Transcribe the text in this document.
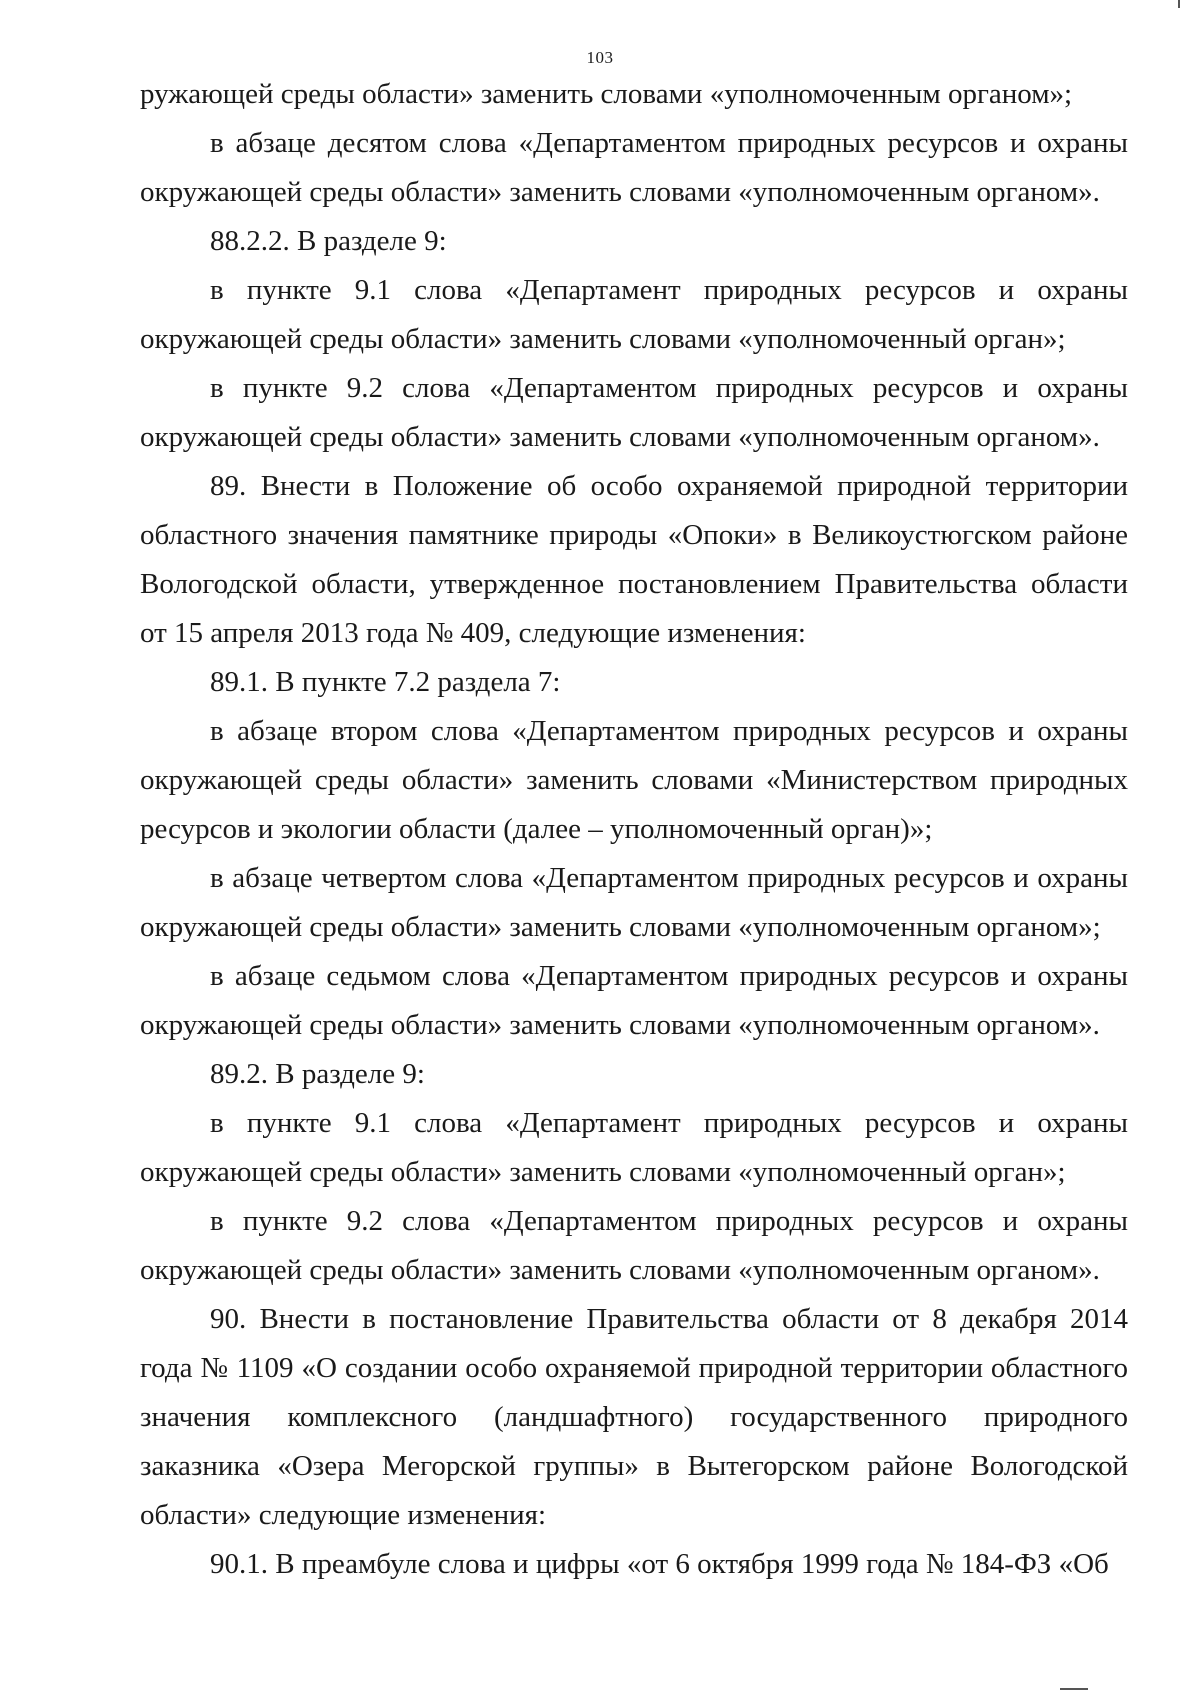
103

ружающей среды области» заменить словами «уполномоченным органом»;

в абзаце десятом слова «Департаментом природных ресурсов и охраны окружающей среды области» заменить словами «уполномоченным органом».

88.2.2. В разделе 9:

в пункте 9.1 слова «Департамент природных ресурсов и охраны окружающей среды области» заменить словами «уполномоченный орган»;

в пункте 9.2 слова «Департаментом природных ресурсов и охраны окружающей среды области» заменить словами «уполномоченным органом».

89. Внести в Положение об особо охраняемой природной территории областного значения памятнике природы «Опоки» в Великоустюгском районе Вологодской области, утвержденное постановлением Правительства области от 15 апреля 2013 года № 409, следующие изменения:

89.1. В пункте 7.2 раздела 7:

в абзаце втором слова «Департаментом природных ресурсов и охраны окружающей среды области» заменить словами «Министерством природных ресурсов и экологии области (далее – уполномоченный орган)»;

в абзаце четвертом слова «Департаментом природных ресурсов и охраны окружающей среды области» заменить словами «уполномоченным органом»;

в абзаце седьмом слова «Департаментом природных ресурсов и охраны окружающей среды области» заменить словами «уполномоченным органом».

89.2. В разделе 9:

в пункте 9.1 слова «Департамент природных ресурсов и охраны окружающей среды области» заменить словами «уполномоченный орган»;

в пункте 9.2 слова «Департаментом природных ресурсов и охраны окружающей среды области» заменить словами «уполномоченным органом».

90. Внести в постановление Правительства области от 8 декабря 2014 года № 1109 «О создании особо охраняемой природной территории областного значения комплексного (ландшафтного) государственного природного заказника «Озера Мегорской группы» в Вытегорском районе Вологодской области» следующие изменения:

90.1. В преамбуле слова и цифры «от 6 октября 1999 года № 184-ФЗ «Об
